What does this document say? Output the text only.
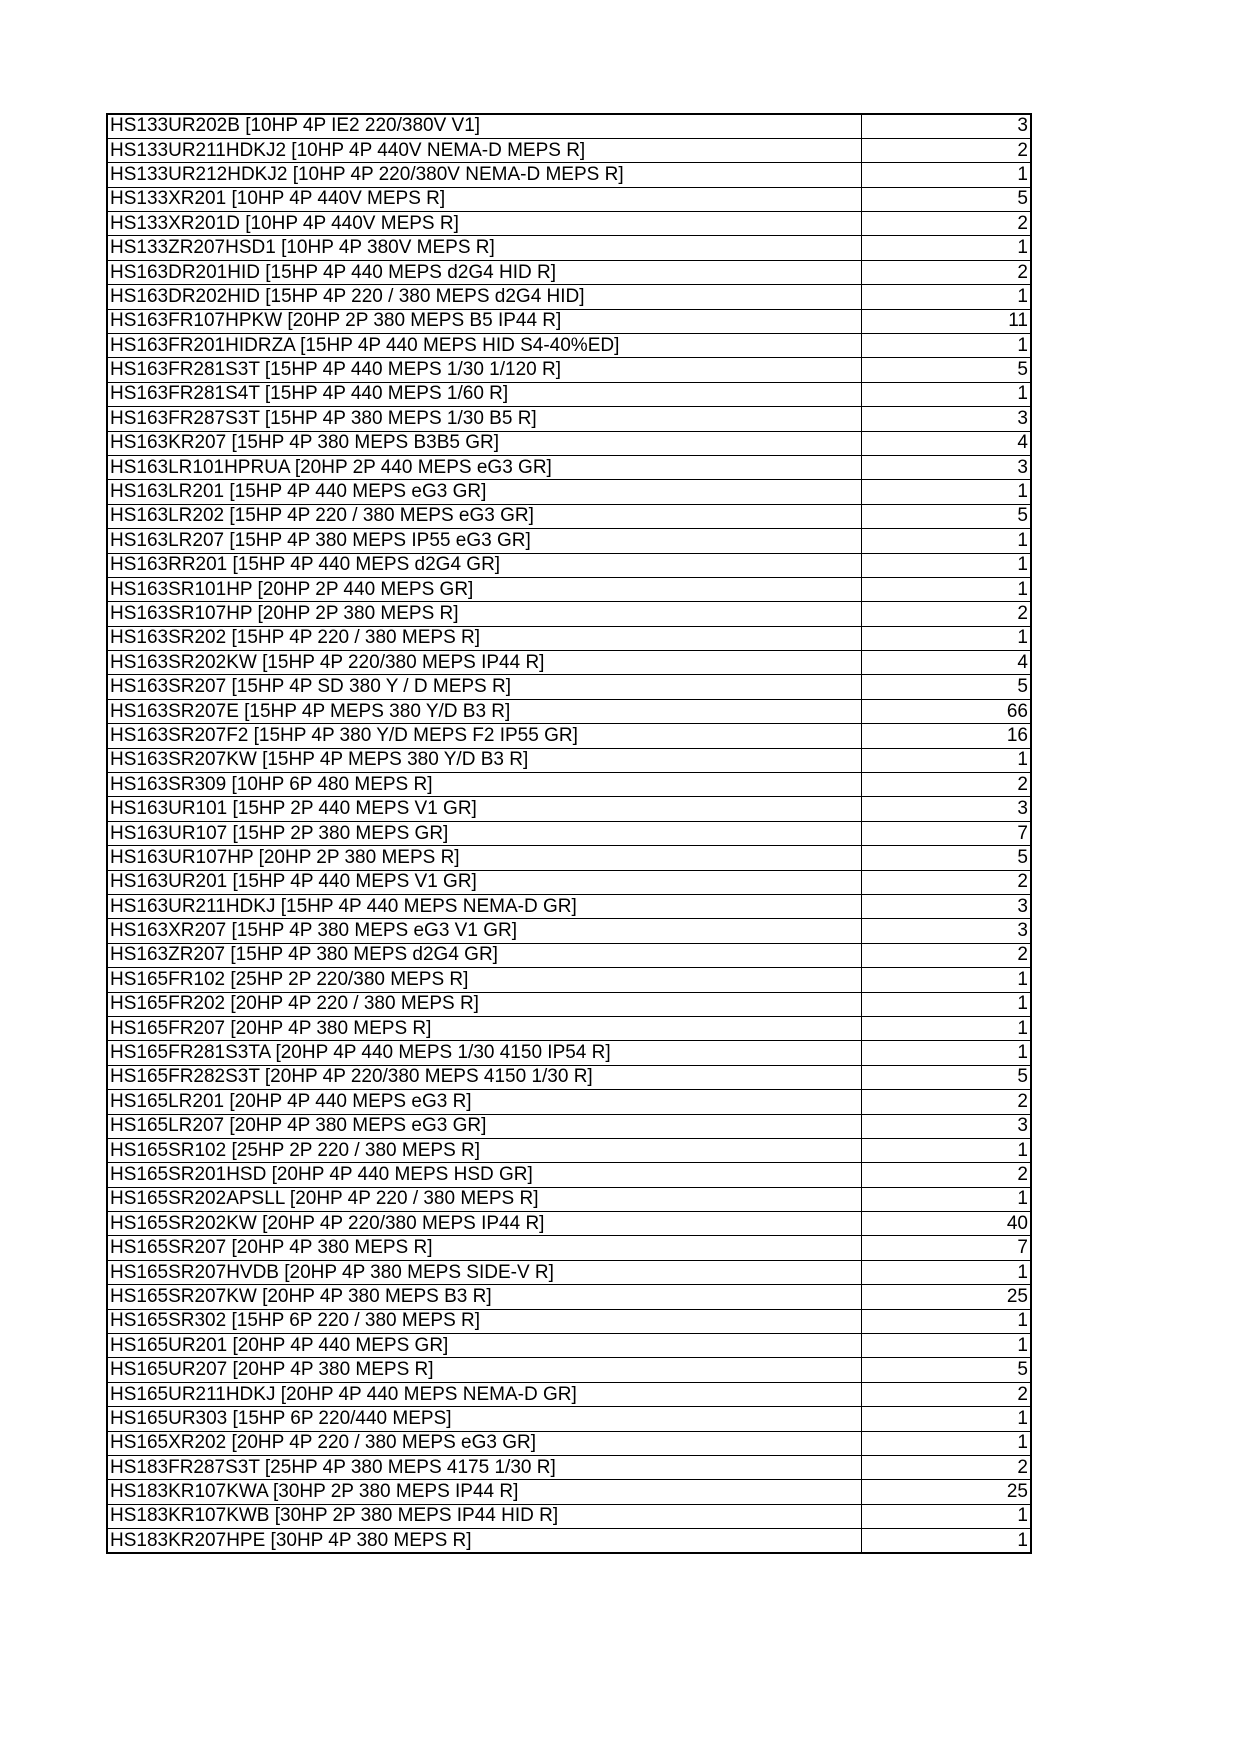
HS133UR202B [10HP 4P IE2 220/380V V1]	3
HS133UR211HDKJ2 [10HP 4P 440V NEMA-D MEPS R]	2
HS133UR212HDKJ2 [10HP 4P 220/380V NEMA-D MEPS R]	1
HS133XR201 [10HP 4P 440V MEPS R]	5
HS133XR201D [10HP 4P 440V MEPS R]	2
HS133ZR207HSD1 [10HP 4P 380V MEPS R]	1
HS163DR201HID [15HP 4P 440 MEPS d2G4 HID R]	2
HS163DR202HID [15HP 4P 220 / 380 MEPS d2G4 HID]	1
HS163FR107HPKW [20HP 2P 380 MEPS B5 IP44 R]	11
HS163FR201HIDRZA [15HP 4P 440 MEPS HID S4-40%ED]	1
HS163FR281S3T [15HP 4P 440 MEPS 1/30 1/120 R]	5
HS163FR281S4T [15HP 4P 440 MEPS 1/60 R]	1
HS163FR287S3T [15HP 4P 380 MEPS 1/30 B5 R]	3
HS163KR207 [15HP 4P 380 MEPS B3B5 GR]	4
HS163LR101HPRUA [20HP 2P 440 MEPS eG3 GR]	3
HS163LR201 [15HP 4P 440 MEPS eG3 GR]	1
HS163LR202 [15HP 4P 220 / 380 MEPS eG3 GR]	5
HS163LR207 [15HP 4P 380 MEPS IP55 eG3 GR]	1
HS163RR201 [15HP 4P 440 MEPS d2G4 GR]	1
HS163SR101HP [20HP 2P 440 MEPS GR]	1
HS163SR107HP [20HP 2P 380 MEPS R]	2
HS163SR202 [15HP 4P 220 / 380 MEPS R]	1
HS163SR202KW [15HP 4P 220/380 MEPS IP44 R]	4
HS163SR207 [15HP 4P SD 380 Y / D MEPS R]	5
HS163SR207E [15HP 4P MEPS 380 Y/D B3 R]	66
HS163SR207F2 [15HP 4P 380 Y/D MEPS F2 IP55 GR]	16
HS163SR207KW [15HP 4P MEPS 380 Y/D B3 R]	1
HS163SR309 [10HP 6P 480 MEPS R]	2
HS163UR101 [15HP 2P 440 MEPS V1 GR]	3
HS163UR107 [15HP 2P 380 MEPS GR]	7
HS163UR107HP [20HP 2P 380 MEPS R]	5
HS163UR201 [15HP 4P 440 MEPS V1 GR]	2
HS163UR211HDKJ [15HP 4P 440 MEPS NEMA-D GR]	3
HS163XR207 [15HP 4P 380 MEPS eG3 V1 GR]	3
HS163ZR207 [15HP 4P 380 MEPS d2G4 GR]	2
HS165FR102 [25HP 2P 220/380 MEPS R]	1
HS165FR202 [20HP 4P 220 / 380 MEPS R]	1
HS165FR207 [20HP 4P 380 MEPS R]	1
HS165FR281S3TA [20HP 4P 440 MEPS 1/30 4150 IP54 R]	1
HS165FR282S3T [20HP 4P 220/380 MEPS 4150 1/30 R]	5
HS165LR201 [20HP 4P 440 MEPS eG3 R]	2
HS165LR207 [20HP 4P 380 MEPS eG3 GR]	3
HS165SR102 [25HP 2P 220 / 380 MEPS R]	1
HS165SR201HSD [20HP 4P 440 MEPS HSD GR]	2
HS165SR202APSLL [20HP 4P 220 / 380 MEPS R]	1
HS165SR202KW [20HP 4P 220/380 MEPS IP44 R]	40
HS165SR207 [20HP 4P 380 MEPS R]	7
HS165SR207HVDB [20HP 4P 380 MEPS SIDE-V R]	1
HS165SR207KW [20HP 4P 380 MEPS B3 R]	25
HS165SR302 [15HP 6P 220 / 380 MEPS R]	1
HS165UR201 [20HP 4P 440 MEPS GR]	1
HS165UR207 [20HP 4P 380 MEPS R]	5
HS165UR211HDKJ [20HP 4P 440 MEPS NEMA-D GR]	2
HS165UR303 [15HP 6P 220/440 MEPS]	1
HS165XR202 [20HP 4P 220 / 380 MEPS eG3 GR]	1
HS183FR287S3T [25HP 4P 380 MEPS 4175 1/30 R]	2
HS183KR107KWA [30HP 2P 380 MEPS IP44 R]	25
HS183KR107KWB [30HP 2P 380 MEPS IP44 HID R]	1
HS183KR207HPE [30HP 4P 380 MEPS R]	1
